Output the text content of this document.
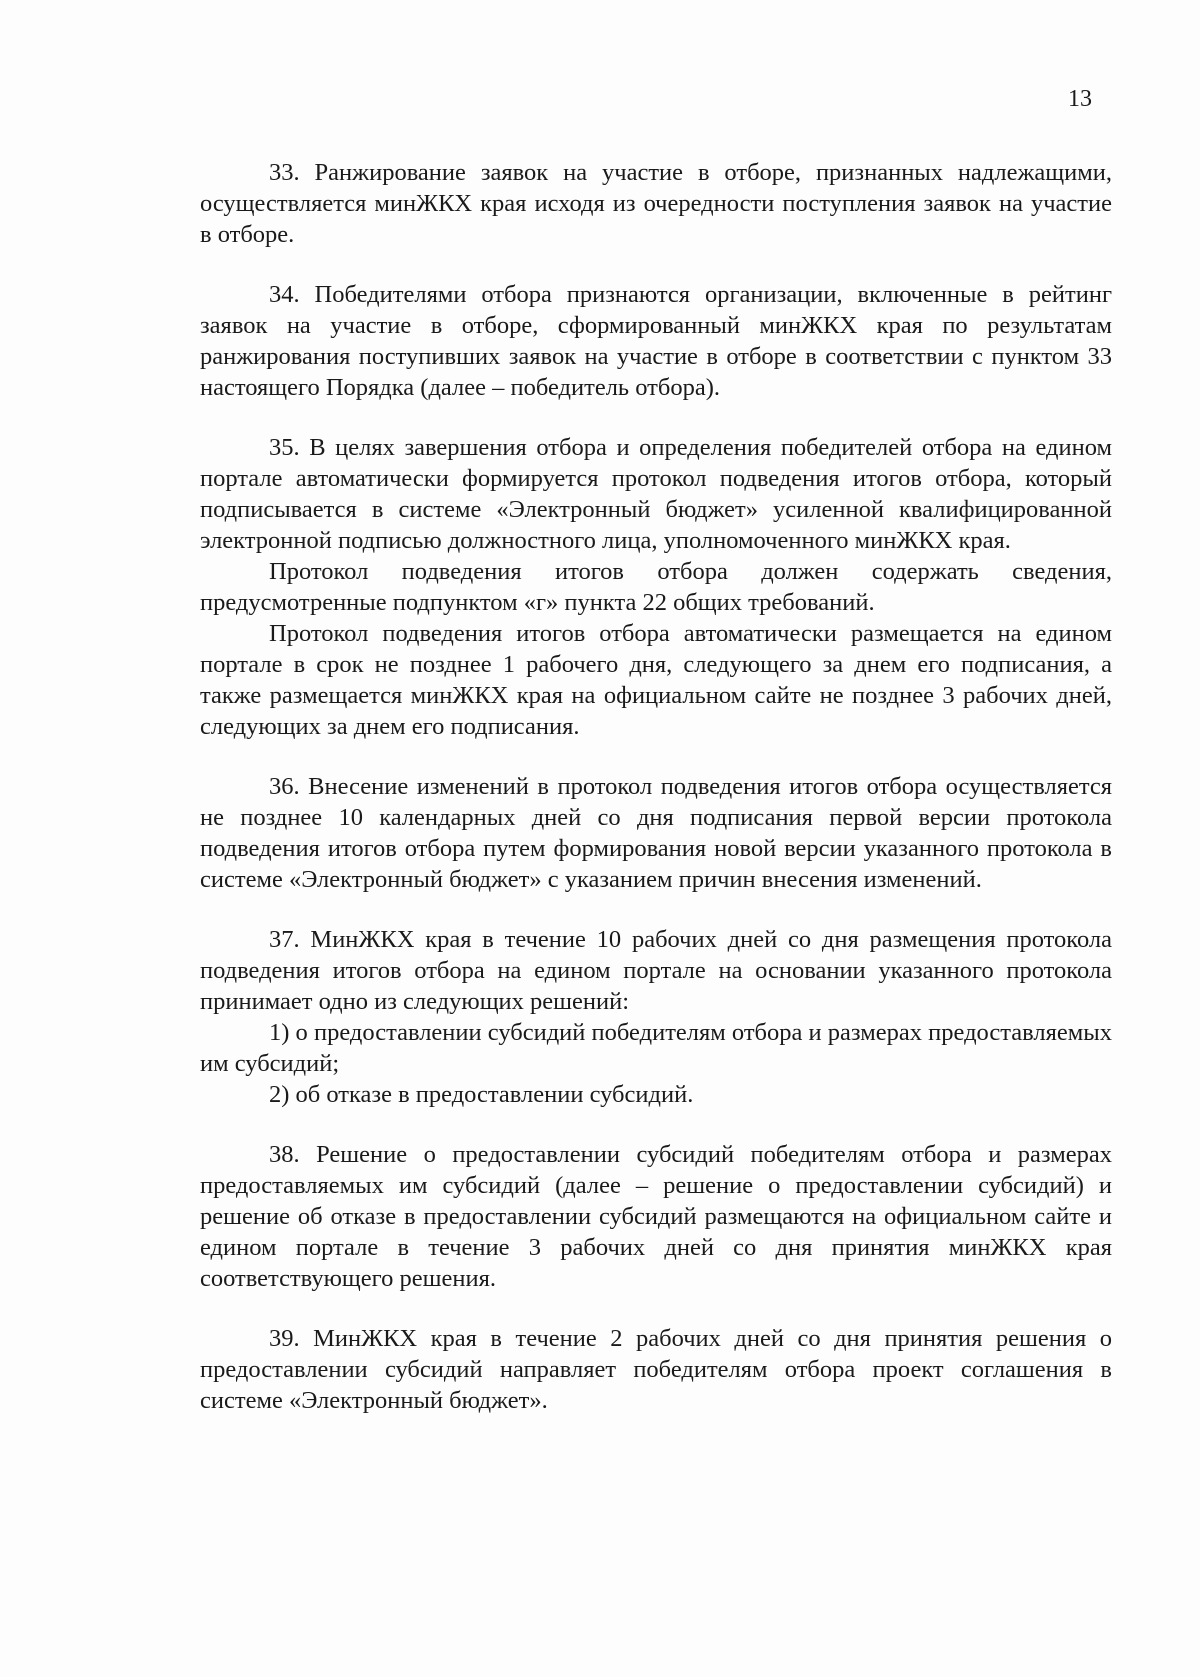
13

33. Ранжирование заявок на участие в отборе, признанных надлежащими, осуществляется минЖКХ края исходя из очередности поступления заявок на участие в отборе.

34. Победителями отбора признаются организации, включенные в рейтинг заявок на участие в отборе, сформированный минЖКХ края по результатам ранжирования поступивших заявок на участие в отборе в соответствии с пунктом 33 настоящего Порядка (далее – победитель отбора).

35. В целях завершения отбора и определения победителей отбора на едином портале автоматически формируется протокол подведения итогов отбора, который подписывается в системе «Электронный бюджет» усиленной квалифицированной электронной подписью должностного лица, уполномоченного минЖКХ края.

Протокол подведения итогов отбора должен содержать сведения, предусмотренные подпунктом «г» пункта 22 общих требований.

Протокол подведения итогов отбора автоматически размещается на едином портале в срок не позднее 1 рабочего дня, следующего за днем его подписания, а также размещается минЖКХ края на официальном сайте не позднее 3 рабочих дней, следующих за днем его подписания.

36. Внесение изменений в протокол подведения итогов отбора осуществляется не позднее 10 календарных дней со дня подписания первой версии протокола подведения итогов отбора путем формирования новой версии указанного протокола в системе «Электронный бюджет» с указанием причин внесения изменений.

37. МинЖКХ края в течение 10 рабочих дней со дня размещения протокола подведения итогов отбора на едином портале на основании указанного протокола принимает одно из следующих решений:

1) о предоставлении субсидий победителям отбора и размерах предоставляемых им субсидий;

2) об отказе в предоставлении субсидий.

38. Решение о предоставлении субсидий победителям отбора и размерах предоставляемых им субсидий (далее – решение о предоставлении субсидий) и решение об отказе в предоставлении субсидий размещаются на официальном сайте и едином портале в течение 3 рабочих дней со дня принятия минЖКХ края соответствующего решения.

39. МинЖКХ края в течение 2 рабочих дней со дня принятия решения о предоставлении субсидий направляет победителям отбора проект соглашения в системе «Электронный бюджет».
